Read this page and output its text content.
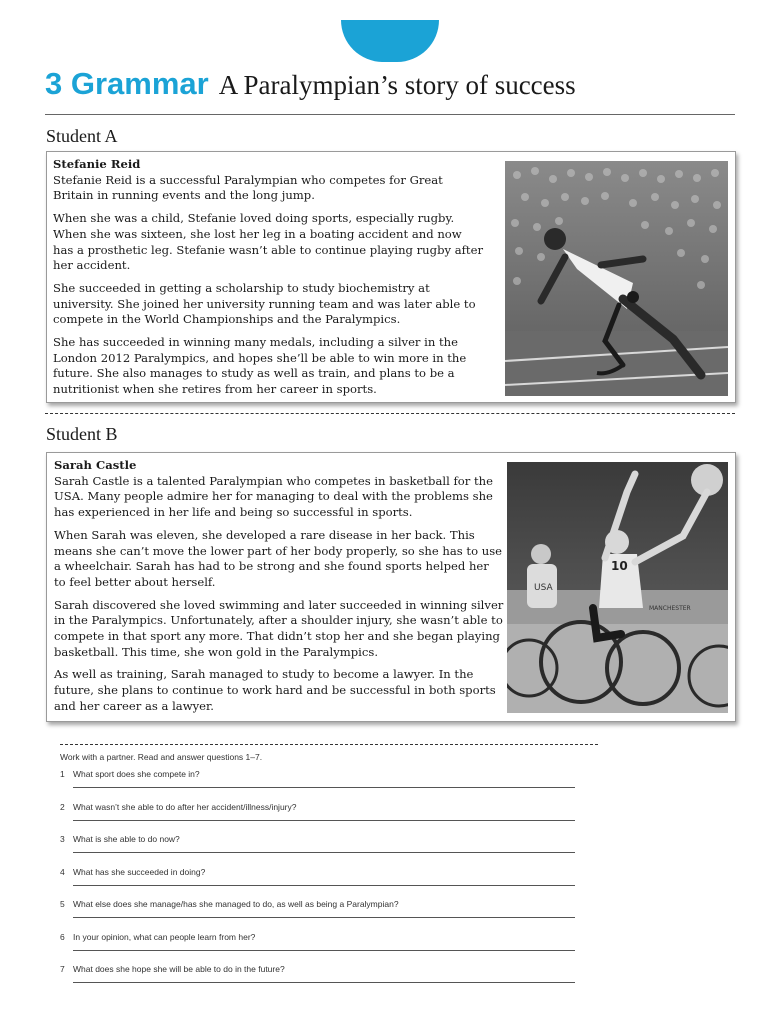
3 Grammar A Paralympian’s story of success
Student A
Stefanie Reid

Stefanie Reid is a successful Paralympian who competes for Great Britain in running events and the long jump.

When she was a child, Stefanie loved doing sports, especially rugby. When she was sixteen, she lost her leg in a boating accident and now has a prosthetic leg. Stefanie wasn’t able to continue playing rugby after her accident.

She succeeded in getting a scholarship to study biochemistry at university. She joined her university running team and was later able to compete in the World Championships and the Paralympics.

She has succeeded in winning many medals, including a silver in the London 2012 Paralympics, and hopes she’ll be able to win more in the future. She also manages to study as well as train, and plans to be a nutritionist when she retires from her career in sports.

Student B
Sarah Castle

Sarah Castle is a talented Paralympian who competes in basketball for the USA. Many people admire her for managing to deal with the problems she has experienced in her life and being so successful in sports.

When Sarah was eleven, she developed a rare disease in her back. This means she can’t move the lower part of her body properly, so she has to use a wheelchair. Sarah has had to be strong and she found sports helped her to feel better about herself.

Sarah discovered she loved swimming and later succeeded in winning silver in the Paralympics. Unfortunately, after a shoulder injury, she wasn’t able to compete in that sport any more. That didn’t stop her and she began playing basketball. This time, she won gold in the Paralympics.

As well as training, Sarah managed to study to become a lawyer. In the future, she plans to continue to work hard and be successful in both sports and her career as a lawyer.

MANCHESTER
USA
10
Work with a partner. Read and answer questions 1–7.
1 What sport does she compete in?
2 What wasn’t she able to do after her accident/illness/injury?
3 What is she able to do now?
4 What has she succeeded in doing?
5 What else does she manage/has she managed to do, as well as being a Paralympian?
6 In your opinion, what can people learn from her?
7 What does she hope she will be able to do in the future?
